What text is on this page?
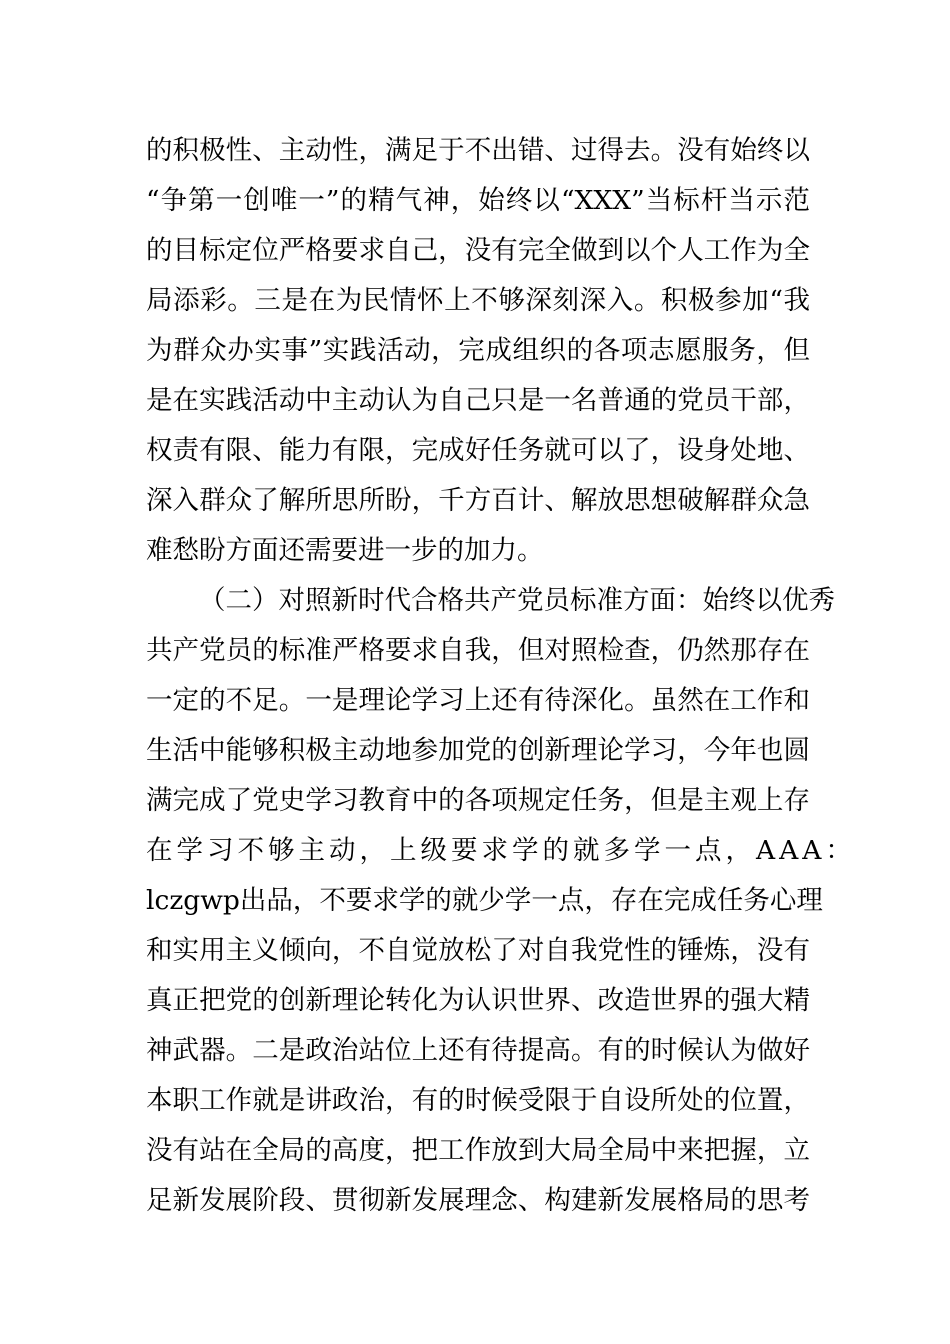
的积极性、主动性，满足于不出错、过得去。没有始终以
“争第一创唯一”的精气神，始终以“XXX”当标杆当示范
的目标定位严格要求自己，没有完全做到以个人工作为全
局添彩。三是在为民情怀上不够深刻深入。积极参加“我
为群众办实事”实践活动，完成组织的各项志愿服务，但
是在实践活动中主动认为自己只是一名普通的党员干部，
权责有限、能力有限，完成好任务就可以了，设身处地、
深入群众了解所思所盼，千方百计、解放思想破解群众急
难愁盼方面还需要进一步的加力。
（二）对照新时代合格共产党员标准方面：始终以优秀
共产党员的标准严格要求自我，但对照检查，仍然那存在
一定的不足。一是理论学习上还有待深化。虽然在工作和
生活中能够积极主动地参加党的创新理论学习，今年也圆
满完成了党史学习教育中的各项规定任务，但是主观上存
在学习不够主动，上级要求学的就多学一点，AAA：
lczgwp出品，不要求学的就少学一点，存在完成任务心理
和实用主义倾向，不自觉放松了对自我党性的锤炼，没有
真正把党的创新理论转化为认识世界、改造世界的强大精
神武器。二是政治站位上还有待提高。有的时候认为做好
本职工作就是讲政治，有的时候受限于自设所处的位置，
没有站在全局的高度，把工作放到大局全局中来把握，立
足新发展阶段、贯彻新发展理念、构建新发展格局的思考
